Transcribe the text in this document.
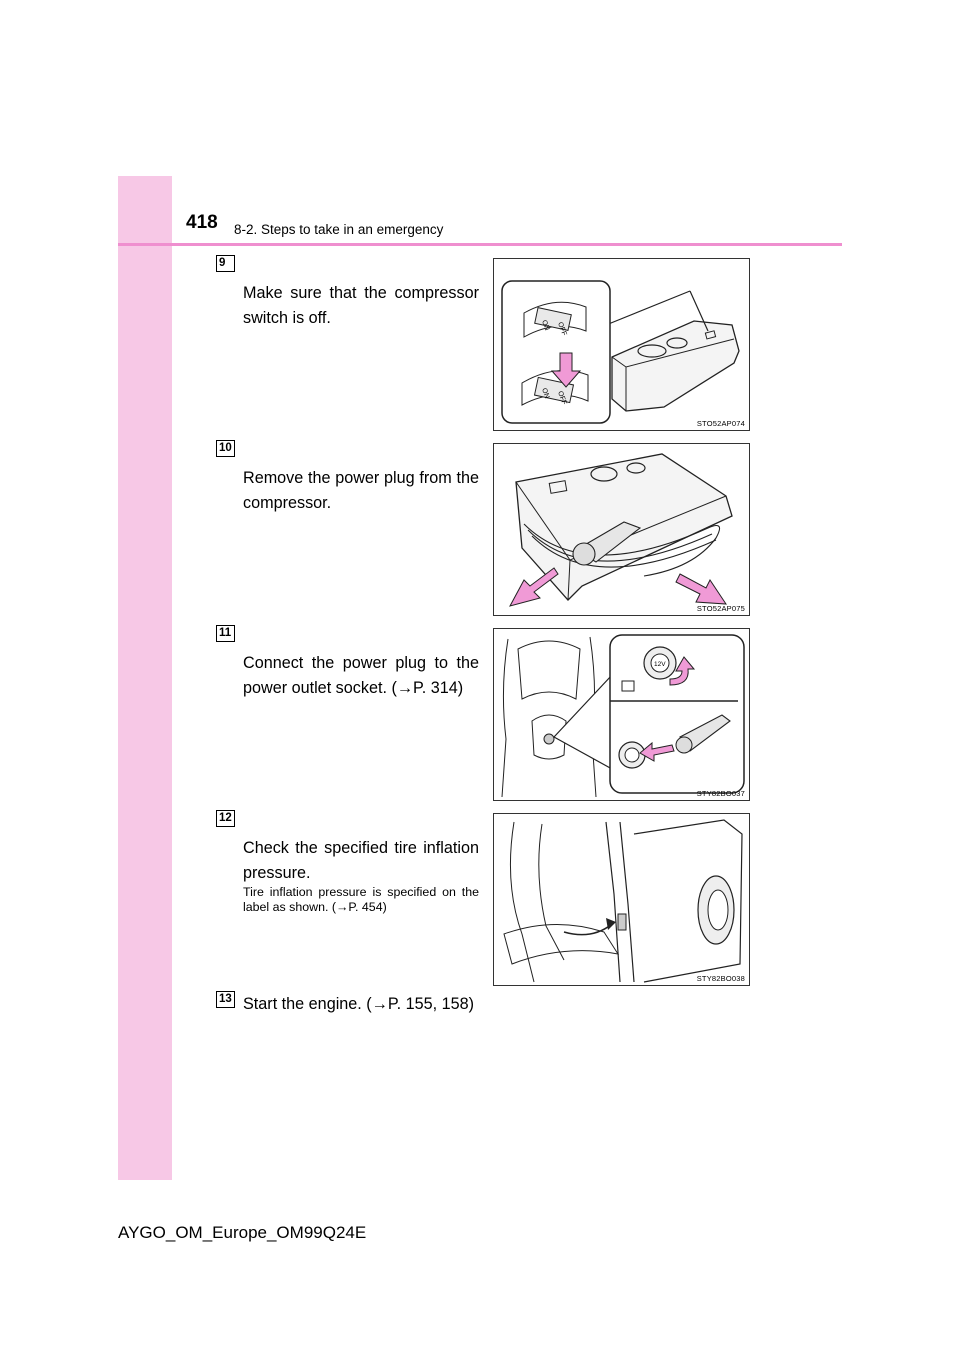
418 8-2. Steps to take in an emergency
9
Make sure that the compressor switch is off.	ON OFF
ON OFF
STO52AP074
10
Remove the power plug from the compressor.
STO52AP075
11
Connect the power plug to the power outlet socket. (→P. 314)
12V
STY82BO037
12
Check the specified tire inflation pressure.
Tire inflation pressure is specified on the label as shown. (→P. 454)
STY82BO038
13 Start the engine. (→P. 155, 158)
AYGO_OM_Europe_OM99Q24E
